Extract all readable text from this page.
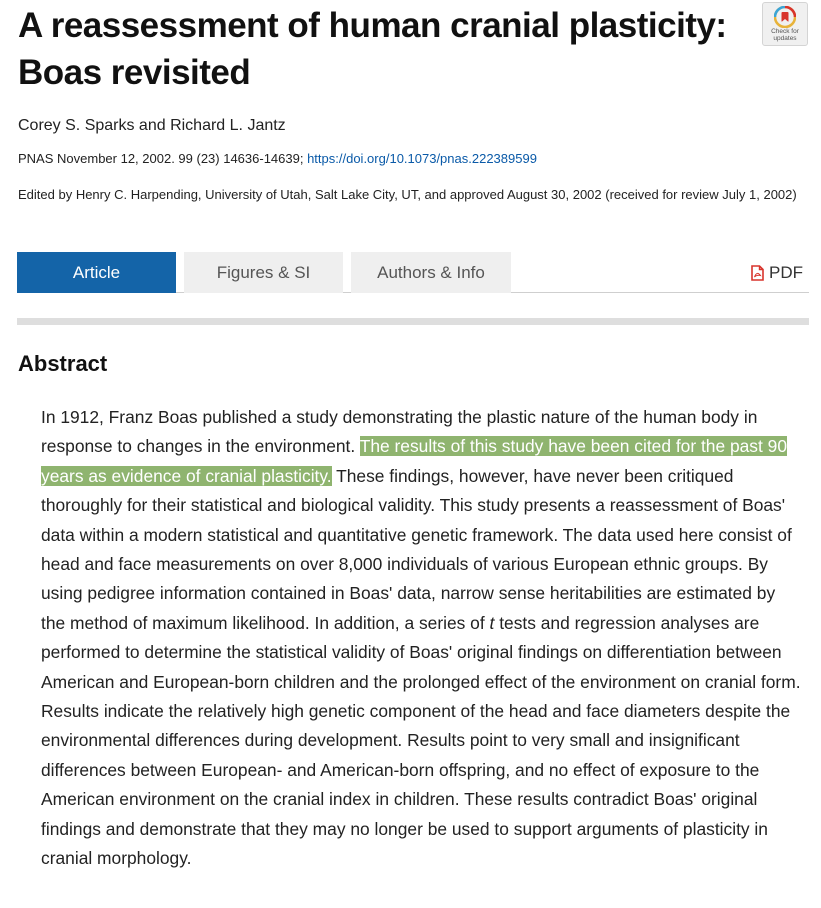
A reassessment of human cranial plasticity: Boas revisited
Check for updates
Corey S. Sparks and Richard L. Jantz
PNAS November 12, 2002. 99 (23) 14636-14639; https://doi.org/10.1073/pnas.222389599
Edited by Henry C. Harpending, University of Utah, Salt Lake City, UT, and approved August 30, 2002 (received for review July 1, 2002)
Article	Figures & SI	Authors & Info	PDF
Abstract

In 1912, Franz Boas published a study demonstrating the plastic nature of the human body in response to changes in the environment. The results of this study have been cited for the past 90 years as evidence of cranial plasticity. These findings, however, have never been critiqued thoroughly for their statistical and biological validity. This study presents a reassessment of Boas' data within a modern statistical and quantitative genetic framework. The data used here consist of head and face measurements on over 8,000 individuals of various European ethnic groups. By using pedigree information contained in Boas' data, narrow sense heritabilities are estimated by the method of maximum likelihood. In addition, a series of t tests and regression analyses are performed to determine the statistical validity of Boas' original findings on differentiation between American and European-born children and the prolonged effect of the environment on cranial form. Results indicate the relatively high genetic component of the head and face diameters despite the environmental differences during development. Results point to very small and insignificant differences between European- and American-born offspring, and no effect of exposure to the American environment on the cranial index in children. These results contradict Boas' original findings and demonstrate that they may no longer be used to support arguments of plasticity in cranial morphology.
